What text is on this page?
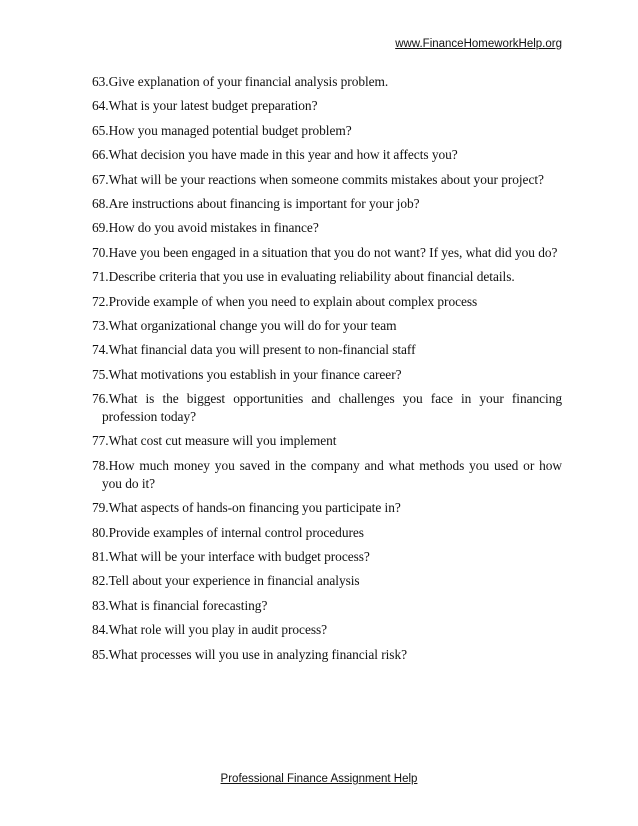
www.FinanceHomeworkHelp.org
63.Give explanation of your financial analysis problem.
64.What is your latest budget preparation?
65.How you managed potential budget problem?
66.What decision you have made in this year and how it affects you?
67.What will be your reactions when someone commits mistakes about your project?
68.Are instructions about financing is important for your job?
69.How do you avoid mistakes in finance?
70.Have you been engaged in a situation that you do not want? If yes, what did you do?
71.Describe criteria that you use in evaluating reliability about financial details.
72.Provide example of when you need to explain about complex process
73.What organizational change you will do for your team
74.What financial data you will present to non-financial staff
75.What motivations you establish in your finance career?
76.What is the biggest opportunities and challenges you face in your financing profession today?
77.What cost cut measure will you implement
78.How much money you saved in the company and what methods you used or how you do it?
79.What aspects of hands-on financing you participate in?
80.Provide examples of internal control procedures
81.What will be your interface with budget process?
82.Tell about your experience in financial analysis
83.What is financial forecasting?
84.What role will you play in audit process?
85.What processes will you use in analyzing financial risk?
Professional Finance Assignment Help
